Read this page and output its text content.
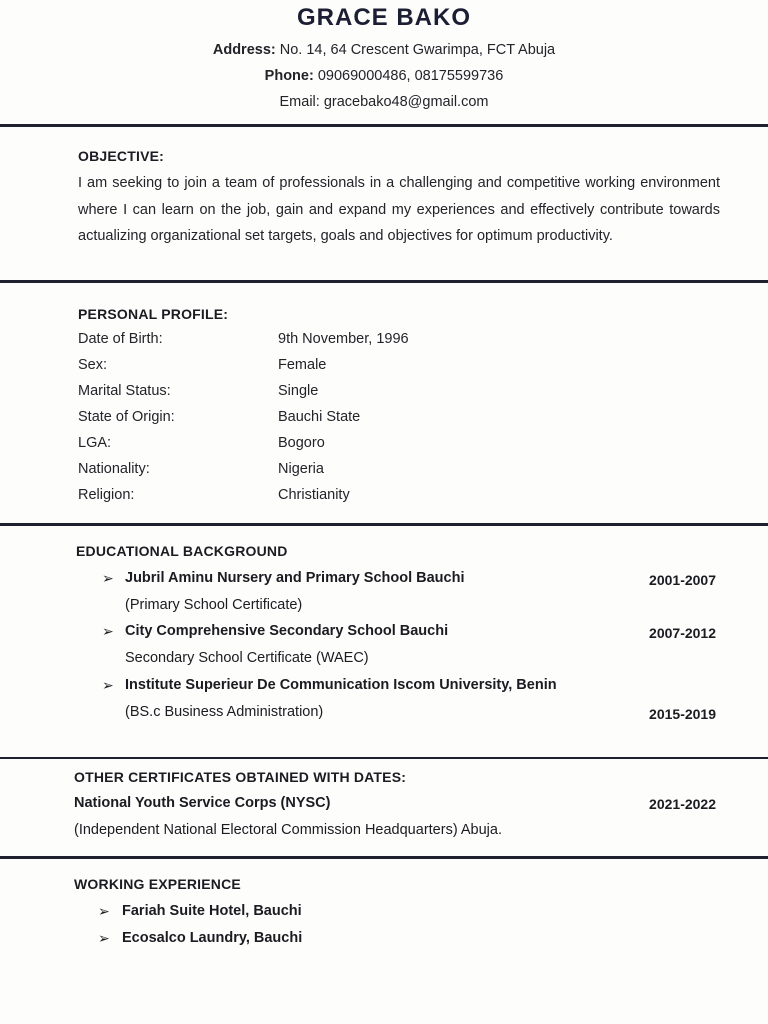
GRACE BAKO
Address: No. 14, 64 Crescent Gwarimpa, FCT Abuja
Phone: 09069000486, 08175599736
Email: gracebako48@gmail.com
OBJECTIVE:
I am seeking to join a team of professionals in a challenging and competitive working environment where I can learn on the job, gain and expand my experiences and effectively contribute towards actualizing organizational set targets, goals and objectives for optimum productivity.
PERSONAL PROFILE:
Date of Birth:	9th November, 1996
Sex:	Female
Marital Status:	Single
State of Origin:	Bauchi State
LGA:	Bogoro
Nationality:	Nigeria
Religion:	Christianity
EDUCATIONAL BACKGROUND
➢ Jubril Aminu Nursery and Primary School Bauchi	2001-2007
(Primary School Certificate)
➢ City Comprehensive Secondary School Bauchi	2007-2012
Secondary School Certificate (WAEC)
➢ Institute Superieur De Communication Iscom University, Benin
(BS.c Business Administration)	2015-2019
OTHER CERTIFICATES OBTAINED WITH DATES:
National Youth Service Corps (NYSC)	2021-2022
(Independent National Electoral Commission Headquarters) Abuja.
WORKING EXPERIENCE
➢ Fariah Suite Hotel, Bauchi
➢ Ecosalco Laundry, Bauchi
